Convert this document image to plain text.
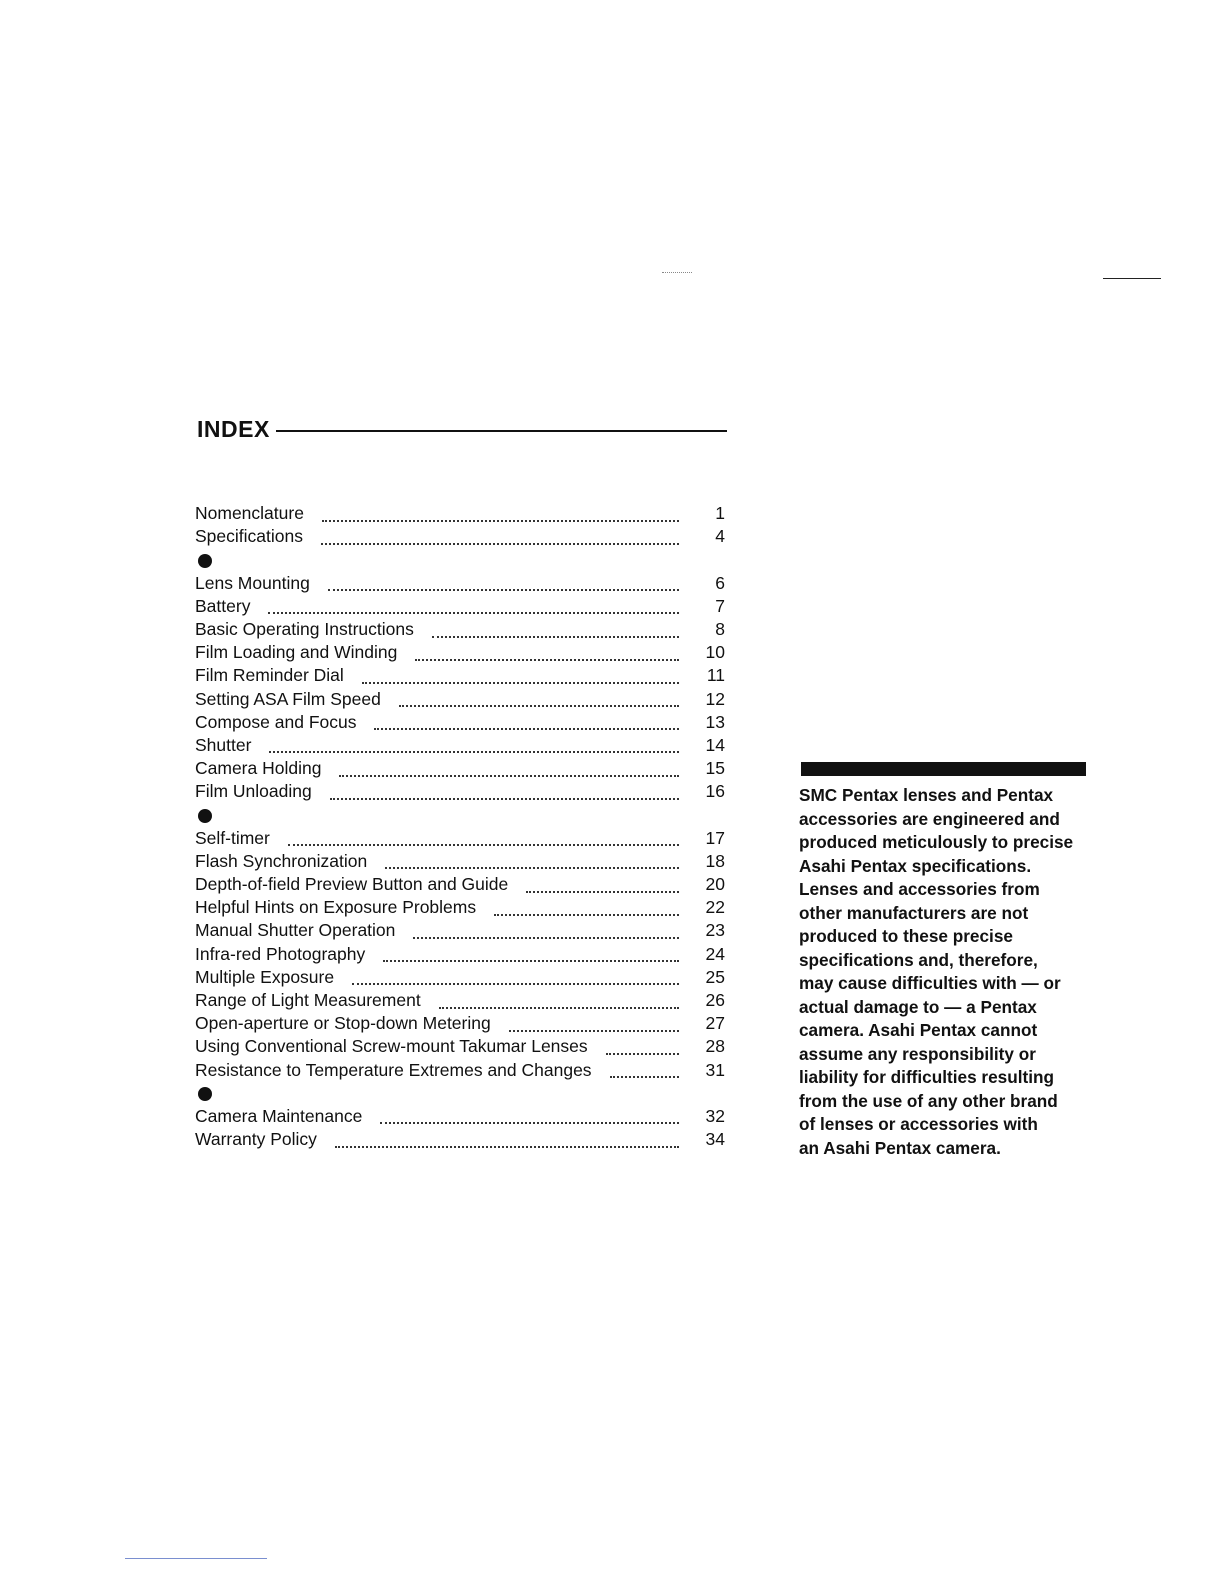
INDEX
Nomenclature	1
Specifications	4
Lens Mounting	6
Battery	7
Basic Operating Instructions	8
Film Loading and Winding	10
Film Reminder Dial	11
Setting ASA Film Speed	12
Compose and Focus	13
Shutter	14
Camera Holding	15
Film Unloading	16
Self-timer	17
Flash Synchronization	18
Depth-of-field Preview Button and Guide	20
Helpful Hints on Exposure Problems	22
Manual Shutter Operation	23
Infra-red Photography	24
Multiple Exposure	25
Range of Light Measurement	26
Open-aperture or Stop-down Metering	27
Using Conventional Screw-mount Takumar Lenses	28
Resistance to Temperature Extremes and Changes	31
Camera Maintenance	32
Warranty Policy	34
SMC Pentax lenses and Pentax
accessories are engineered and
produced meticulously to precise
Asahi Pentax specifications.
Lenses and accessories from
other manufacturers are not
produced to these precise
specifications and, therefore,
may cause difficulties with — or
actual damage to — a Pentax
camera. Asahi Pentax cannot
assume any responsibility or
liability for difficulties resulting
from the use of any other brand
of lenses or accessories with
an Asahi Pentax camera.
